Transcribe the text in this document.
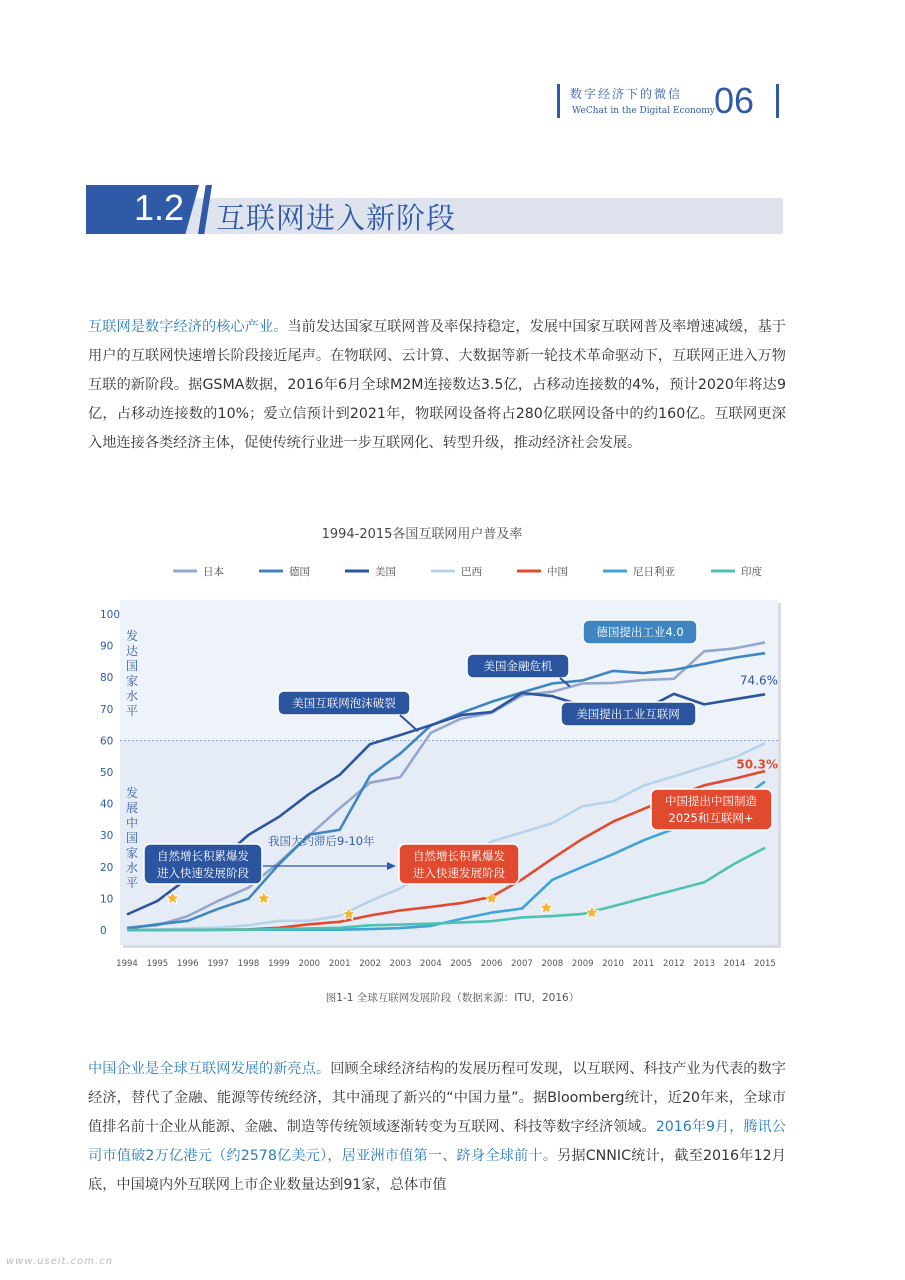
数字经济下的微信
WeChat in the Digital Economy 06
1.2 互联网进入新阶段
互联网是数字经济的核心产业。当前发达国家互联网普及率保持稳定，发展中国家互联网普及率增速减缓，基于用户的互联网快速增长阶段接近尾声。在物联网、云计算、大数据等新一轮技术革命驱动下，互联网正进入万物互联的新阶段。据GSMA数据，2016年6月全球M2M连接数达3.5亿，占移动连接数的4%，预计2020年将达9亿，占移动连接数的10%；爱立信预计到2021年，物联网设备将占280亿联网设备中的约160亿。互联网更深入地连接各类经济主体，促使传统行业进一步互联网化、转型升级，推动经济社会发展。
1994-2015各国互联网用户普及率
日本	德国	美国	巴西	中国	尼日利亚	印度
0
10
20
30
40
50
60
70
80
90
100
1994 1995 1996 1997 1998 1999 2000 2001 2002 2003 2004 2005 2006 2007 2008 2009 2010 2011 2012 2013 2014 2015
发
达
国
家
水
平
发
展
中
国
家
水
平
美国互联网泡沫破裂
美国金融危机
德国提出工业4.0
美国提出工业互联网
74.6%
50.3%
中国提出中国制造
2025和互联网+
我国大约滞后9-10年
自然增长积累爆发
进入快速发展阶段
自然增长积累爆发
进入快速发展阶段
图1-1 全球互联网发展阶段（数据来源：ITU，2016）
中国企业是全球互联网发展的新亮点。回顾全球经济结构的发展历程可发现，以互联网、科技产业为代表的数字经济，替代了金融、能源等传统经济，其中涌现了新兴的“中国力量”。据Bloomberg统计，近20年来，全球市值排名前十企业从能源、金融、制造等传统领域逐渐转变为互联网、科技等数字经济领域。2016年9月，腾讯公司市值破2万亿港元（约2578亿美元），居亚洲市值第一、跻身全球前十。另据CNNIC统计，截至2016年12月底，中国境内外互联网上市企业数量达到91家，总体市值
www.useit.com.cn
